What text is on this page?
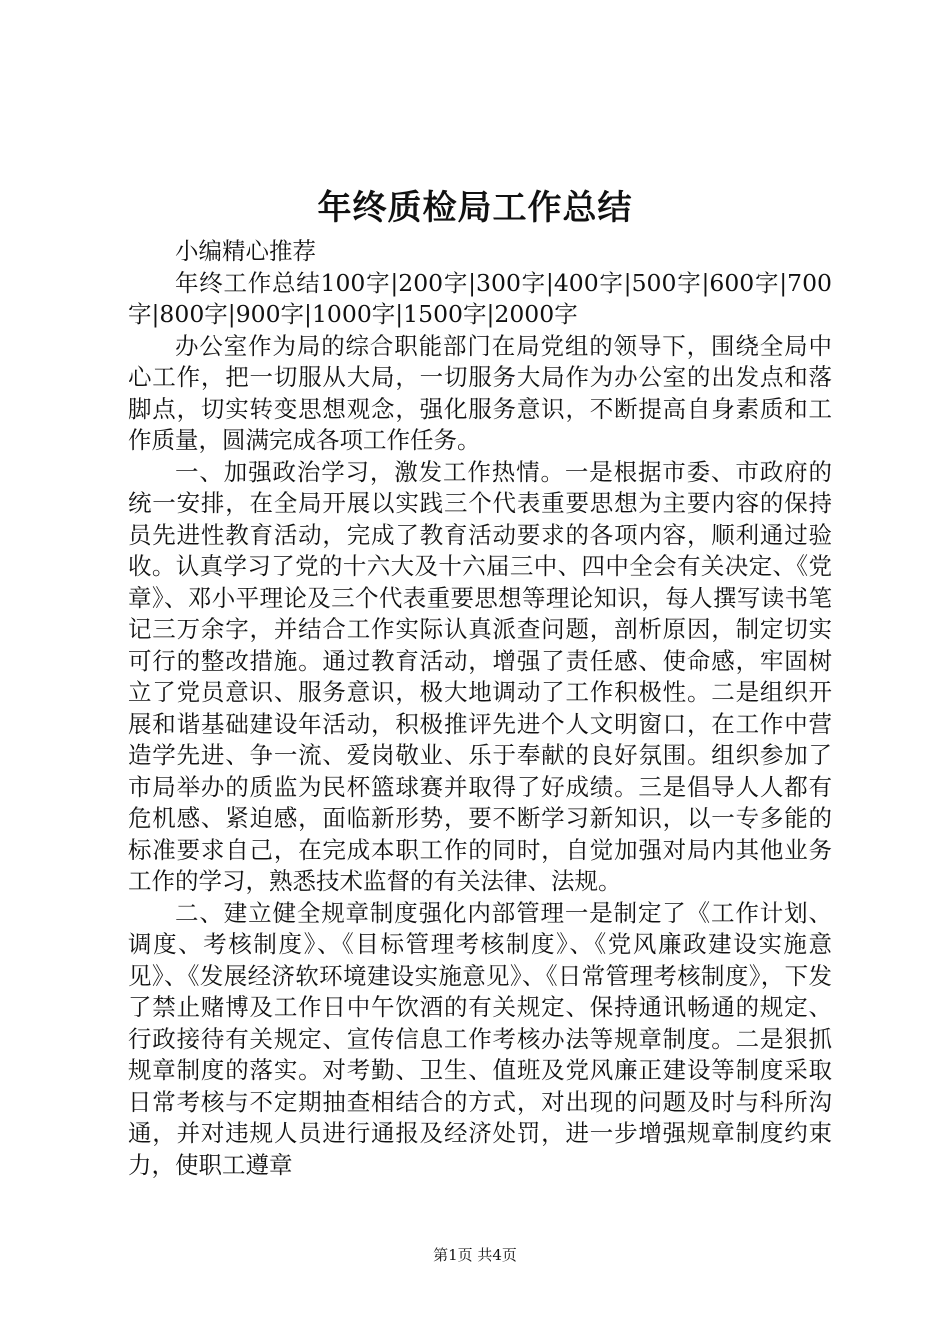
年终质检局工作总结

小编精心推荐

年终工作总结100字|200字|300字|400字|500字|600字|700字|800字|900字|1000字|1500字|2000字

办公室作为局的综合职能部门在局党组的领导下，围绕全局中心工作，把一切服从大局，一切服务大局作为办公室的出发点和落脚点，切实转变思想观念，强化服务意识，不断提高自身素质和工作质量，圆满完成各项工作任务。

一、加强政治学习，激发工作热情。一是根据市委、市政府的统一安排，在全局开展以实践三个代表重要思想为主要内容的保持员先进性教育活动，完成了教育活动要求的各项内容，顺利通过验收。认真学习了党的十六大及十六届三中、四中全会有关决定、《党章》、邓小平理论及三个代表重要思想等理论知识，每人撰写读书笔记三万余字，并结合工作实际认真派查问题，剖析原因，制定切实可行的整改措施。通过教育活动，增强了责任感、使命感，牢固树立了党员意识、服务意识，极大地调动了工作积极性。二是组织开展和谐基础建设年活动，积极推评先进个人文明窗口，在工作中营造学先进、争一流、爱岗敬业、乐于奉献的良好氛围。组织参加了市局举办的质监为民杯篮球赛并取得了好成绩。三是倡导人人都有危机感、紧迫感，面临新形势，要不断学习新知识，以一专多能的标准要求自己，在完成本职工作的同时，自觉加强对局内其他业务工作的学习，熟悉技术监督的有关法律、法规。

二、建立健全规章制度强化内部管理一是制定了《工作计划、调度、考核制度》、《目标管理考核制度》、《党风廉政建设实施意见》、《发展经济软环境建设实施意见》、《日常管理考核制度》，下发了禁止赌博及工作日中午饮酒的有关规定、保持通讯畅通的规定、行政接待有关规定、宣传信息工作考核办法等规章制度。二是狠抓规章制度的落实。对考勤、卫生、值班及党风廉正建设等制度采取日常考核与不定期抽查相结合的方式，对出现的问题及时与科所沟通，并对违规人员进行通报及经济处罚，进一步增强规章制度约束力，使职工遵章

第1页 共4页
